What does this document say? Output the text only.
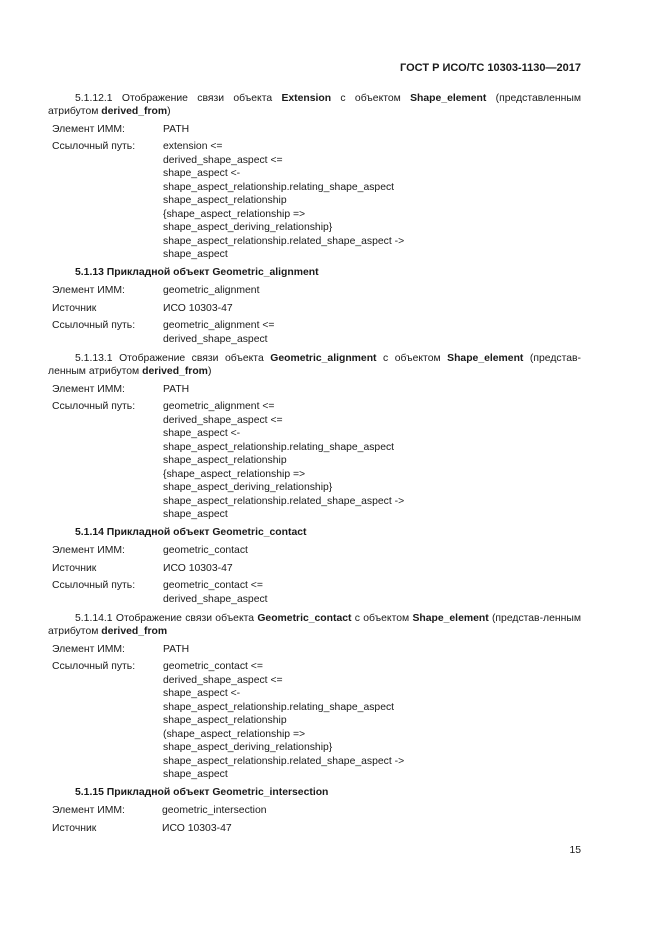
ГОСТ Р ИСО/ТС 10303-1130—2017
5.1.12.1 Отображение связи объекта Extension с объектом Shape_element (представленным атрибутом derived_from)
Элемент ИММ:	PATH
Ссылочный путь:	extension <=
derived_shape_aspect <=
shape_aspect <-
shape_aspect_relationship.relating_shape_aspect
shape_aspect_relationship
{shape_aspect_relationship =>
shape_aspect_deriving_relationship}
shape_aspect_relationship.related_shape_aspect ->
shape_aspect
5.1.13 Прикладной объект Geometric_alignment
Элемент ИММ:	geometric_alignment
Источник	ИСО 10303-47
Ссылочный путь:	geometric_alignment <=
derived_shape_aspect
5.1.13.1 Отображение связи объекта Geometric_alignment с объектом Shape_element (представ-ленным атрибутом derived_from)
Элемент ИММ:	PATH
Ссылочный путь:	geometric_alignment <=
derived_shape_aspect <=
shape_aspect <-
shape_aspect_relationship.relating_shape_aspect
shape_aspect_relationship
{shape_aspect_relationship =>
shape_aspect_deriving_relationship}
shape_aspect_relationship.related_shape_aspect ->
shape_aspect
5.1.14 Прикладной объект Geometric_contact
Элемент ИММ:	geometric_contact
Источник	ИСО 10303-47
Ссылочный путь:	geometric_contact <=
derived_shape_aspect
5.1.14.1 Отображение связи объекта Geometric_contact с объектом Shape_element (представ-ленным атрибутом derived_from
Элемент ИММ:	PATH
Ссылочный путь:	geometric_contact <=
derived_shape_aspect <=
shape_aspect <-
shape_aspect_relationship.relating_shape_aspect
shape_aspect_relationship
(shape_aspect_relationship =>
shape_aspect_deriving_relationship}
shape_aspect_relationship.related_shape_aspect ->
shape_aspect
5.1.15 Прикладной объект Geometric_intersection
Элемент ИММ:	geometric_intersection
Источник	ИСО 10303-47
15
